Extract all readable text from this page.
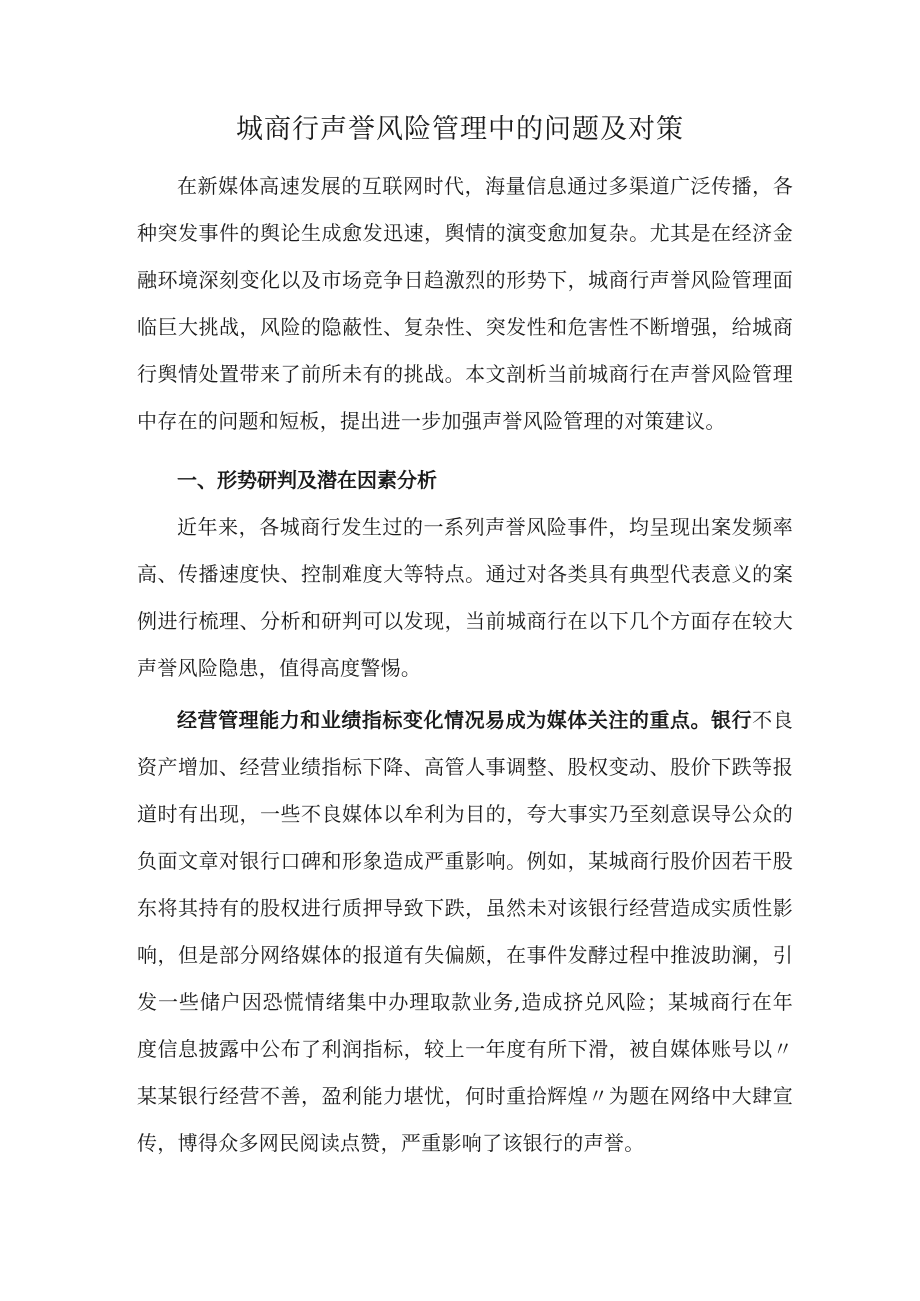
城商行声誉风险管理中的问题及对策

在新媒体高速发展的互联网时代，海量信息通过多渠道广泛传播，各种突发事件的舆论生成愈发迅速，舆情的演变愈加复杂。尤其是在经济金融环境深刻变化以及市场竞争日趋激烈的形势下，城商行声誉风险管理面临巨大挑战，风险的隐蔽性、复杂性、突发性和危害性不断增强，给城商行舆情处置带来了前所未有的挑战。本文剖析当前城商行在声誉风险管理中存在的问题和短板，提出进一步加强声誉风险管理的对策建议。

一、形势研判及潜在因素分析

近年来，各城商行发生过的一系列声誉风险事件，均呈现出案发频率高、传播速度快、控制难度大等特点。通过对各类具有典型代表意义的案例进行梳理、分析和研判可以发现，当前城商行在以下几个方面存在较大声誉风险隐患，值得高度警惕。

经营管理能力和业绩指标变化情况易成为媒体关注的重点。银行不良资产增加、经营业绩指标下降、高管人事调整、股权变动、股价下跌等报道时有出现，一些不良媒体以牟利为目的，夸大事实乃至刻意误导公众的负面文章对银行口碑和形象造成严重影响。例如，某城商行股价因若干股东将其持有的股权进行质押导致下跌，虽然未对该银行经营造成实质性影响，但是部分网络媒体的报道有失偏颇，在事件发酵过程中推波助澜，引发一些储户因恐慌情绪集中办理取款业务,造成挤兑风险；某城商行在年度信息披露中公布了利润指标，较上一年度有所下滑，被自媒体账号以〃某某银行经营不善，盈利能力堪忧，何时重拾辉煌〃为题在网络中大肆宣传，博得众多网民阅读点赞，严重影响了该银行的声誉。
